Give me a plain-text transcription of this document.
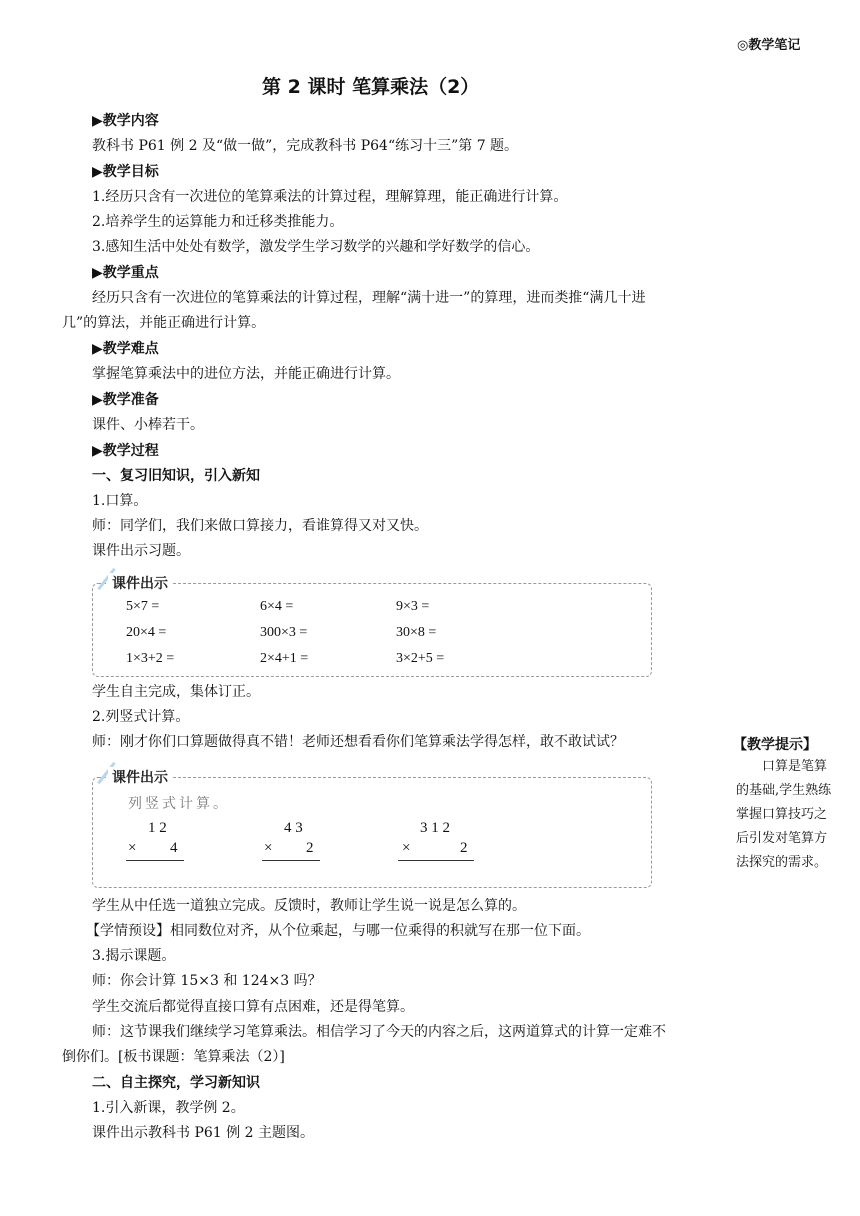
◎教学笔记
第 2 课时 笔算乘法（2）
▶教学内容
教科书 P61 例 2 及“做一做”，完成教科书 P64“练习十三”第 7 题。
▶教学目标
1.经历只含有一次进位的笔算乘法的计算过程，理解算理，能正确进行计算。
2.培养学生的运算能力和迁移类推能力。
3.感知生活中处处有数学，激发学生学习数学的兴趣和学好数学的信心。
▶教学重点
经历只含有一次进位的笔算乘法的计算过程，理解“满十进一”的算理，进而类推“满几十进
几”的算法，并能正确进行计算。
▶教学难点
掌握笔算乘法中的进位方法，并能正确进行计算。
▶教学准备
课件、小棒若干。
▶教学过程
一、复习旧知识，引入新知
1.口算。
师：同学们，我们来做口算接力，看谁算得又对又快。
课件出示习题。
课件出示
5×7 =	6×4 =	9×3 =
20×4 =	300×3 =	30×8 =
1×3+2 =	2×4+1 =	3×2+5 =
学生自主完成，集体订正。
2.列竖式计算。
师：刚才你们口算题做得真不错！老师还想看看你们笔算乘法学得怎样，敢不敢试试？
课件出示
列竖式计算。
1 2
× 4
4 3
× 2
3 1 2
×	2
学生从中任选一道独立完成。反馈时，教师让学生说一说是怎么算的。
【学情预设】相同数位对齐，从个位乘起，与哪一位乘得的积就写在那一位下面。
3.揭示课题。
师：你会计算 15×3 和 124×3 吗？
学生交流后都觉得直接口算有点困难，还是得笔算。
师：这节课我们继续学习笔算乘法。相信学习了今天的内容之后，这两道算式的计算一定难不
倒你们。[板书课题：笔算乘法（2）]
二、自主探究，学习新知识
1.引入新课，教学例 2。
课件出示教科书 P61 例 2 主题图。
【教学提示】
口算是笔算
的基础,学生熟练
掌握口算技巧之
后引发对笔算方
法探究的需求。
